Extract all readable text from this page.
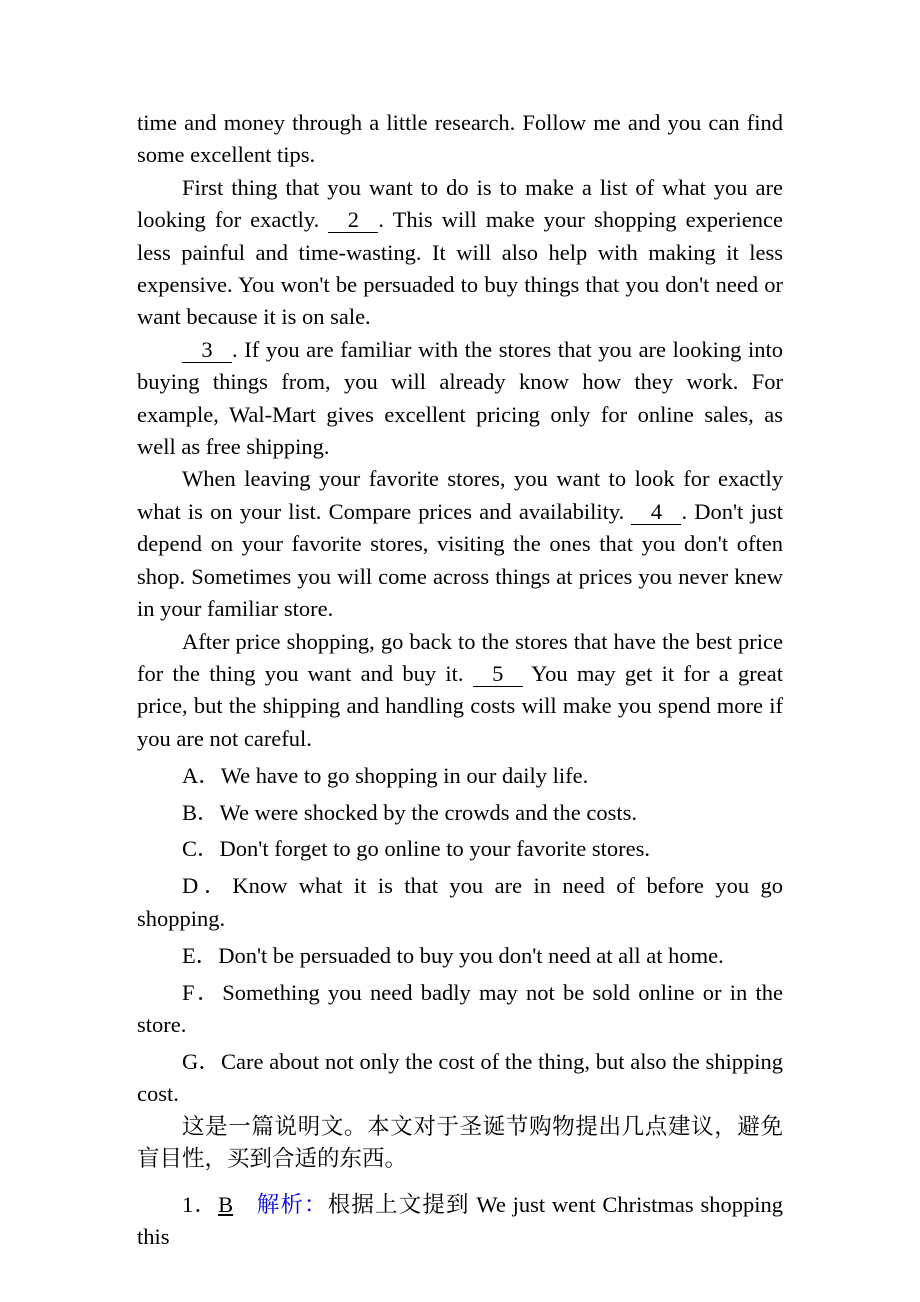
time and money through a little research. Follow me and you can find some excellent tips.

First thing that you want to do is to make a list of what you are looking for exactly. 2 . This will make your shopping experience less painful and time-wasting. It will also help with making it less expensive. You won't be persuaded to buy things that you don't need or want because it is on sale.

3 . If you are familiar with the stores that you are looking into buying things from, you will already know how they work. For example, Wal-Mart gives excellent pricing only for online sales, as well as free shipping.

When leaving your favorite stores, you want to look for exactly what is on your list. Compare prices and availability. 4 . Don't just depend on your favorite stores, visiting the ones that you don't often shop. Sometimes you will come across things at prices you never knew in your familiar store.

After price shopping, go back to the stores that have the best price for the thing you want and buy it. 5 You may get it for a great price, but the shipping and handling costs will make you spend more if you are not careful.

A．We have to go shopping in our daily life.

B．We were shocked by the crowds and the costs.

C．Don't forget to go online to your favorite stores.

D．Know what it is that you are in need of before you go shopping.

E．Don't be persuaded to buy you don't need at all at home.

F．Something you need badly may not be sold online or in the store.

G．Care about not only the cost of the thing, but also the shipping cost.

这是一篇说明文。本文对于圣诞节购物提出几点建议，避免盲目性，买到合适的东西。

1．B  解析：根据上文提到 We just went Christmas shopping this
